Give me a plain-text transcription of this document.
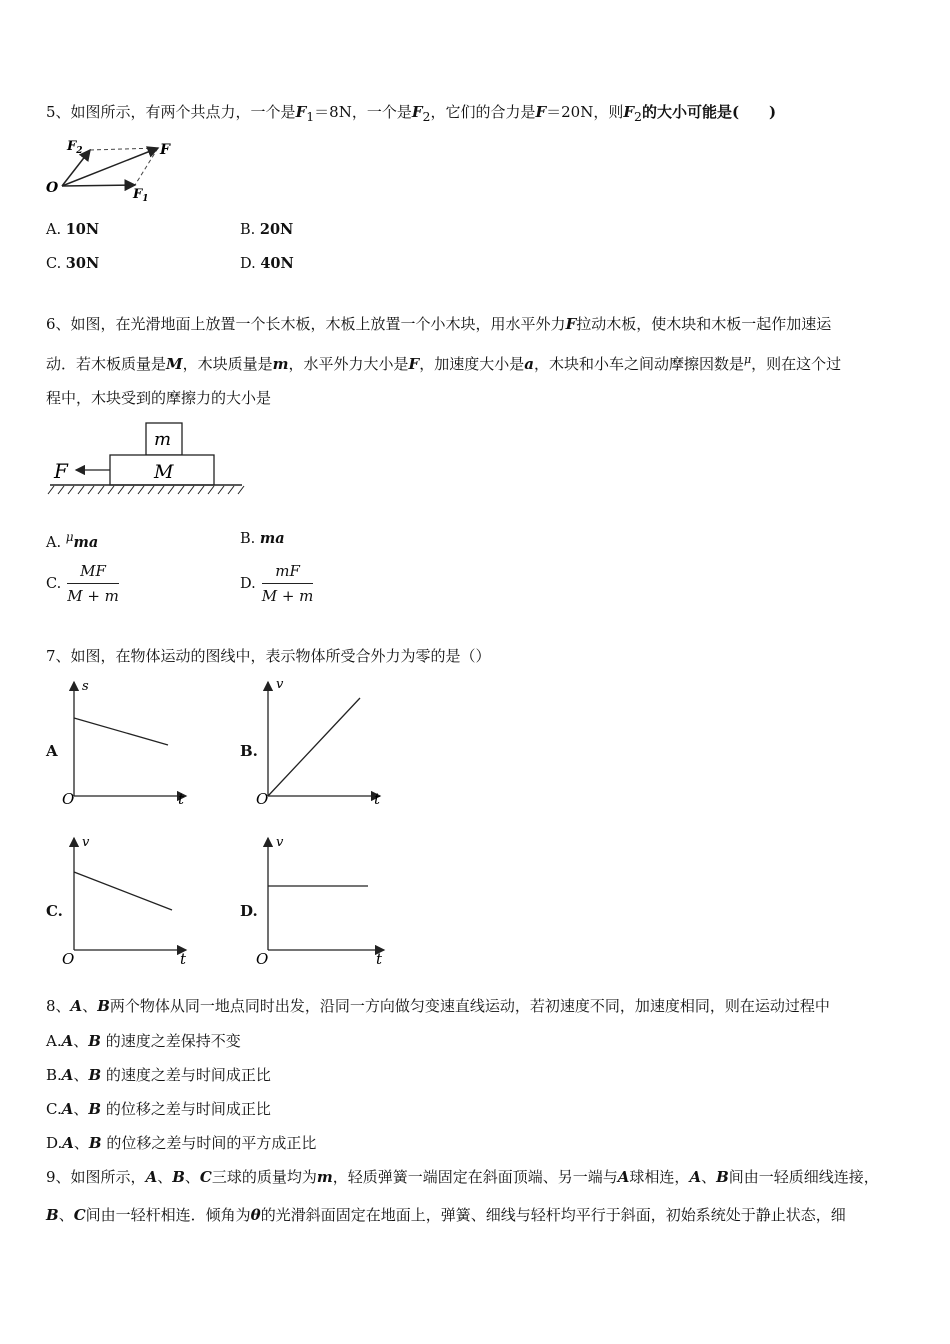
5、如图所示，有两个共点力，一个是$F_1=8N$，一个是$F_2$，它们的合力是F＝20N，则$F_2$的大小可能是(　　)
$F_2$	F
O	$F_1$
A. 10N	B. 20N
C. 30N	D. 40N
6、如图，在光滑地面上放置一个长木板，木板上放置一个小木块，用水平外力F拉动木板，使木块和木板一起作加速运
动．若木板质量是M，木块质量是m，水平外力大小是F，加速度大小是a，木块和小车之间动摩擦因数是$^\mu$，则在这个过
程中，木块受到的摩擦力的大小是
m
M
F
A. $^\mu$ma	B. ma
C. $\frac{MF}{M + m}$	D. $\frac{mF}{M + m}$
7、如图，在物体运动的图线中，表示物体所受合外力为零的是（）
A
s
O	t
B.
v
O	t
C.
v
O	t
D.
v
O	t
8、A、B两个物体从同一地点同时出发，沿同一方向做匀变速直线运动，若初速度不同，加速度相同，则在运动过程中
A.A、B 的速度之差保持不变
B.A、B 的速度之差与时间成正比
C.A、B 的位移之差与时间成正比
D.A、B 的位移之差与时间的平方成正比
9、如图所示，A、B、C三球的质量均为m，轻质弹簧一端固定在斜面顶端、另一端与A球相连，A、B间由一轻质细线连接，
B、C间由一轻杆相连．倾角为θ的光滑斜面固定在地面上，弹簧、细线与轻杆均平行于斜面，初始系统处于静止状态，细
